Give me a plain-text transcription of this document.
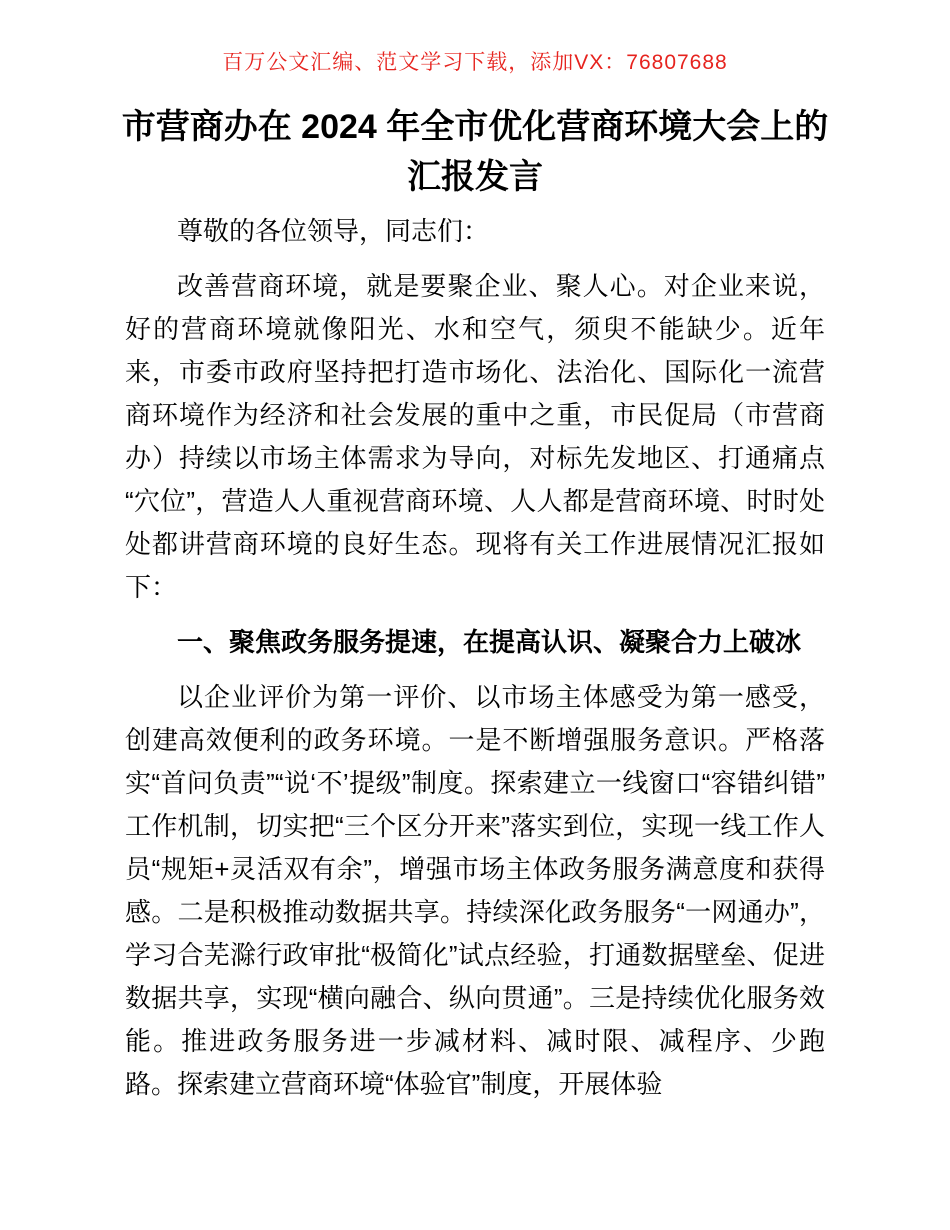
百万公文汇编、范文学习下载，添加VX：76807688
市营商办在 2024 年全市优化营商环境大会上的
汇报发言

尊敬的各位领导，同志们：

改善营商环境，就是要聚企业、聚人心。对企业来说，好的营商环境就像阳光、水和空气，须臾不能缺少。近年来，市委市政府坚持把打造市场化、法治化、国际化一流营商环境作为经济和社会发展的重中之重，市民促局（市营商办）持续以市场主体需求为导向，对标先发地区、打通痛点“穴位”，营造人人重视营商环境、人人都是营商环境、时时处处都讲营商环境的良好生态。现将有关工作进展情况汇报如下：

一、聚焦政务服务提速，在提高认识、凝聚合力上破冰

以企业评价为第一评价、以市场主体感受为第一感受，创建高效便利的政务环境。一是不断增强服务意识。严格落实“首问负责”“说‘不’提级”制度。探索建立一线窗口“容错纠错”工作机制，切实把“三个区分开来”落实到位，实现一线工作人员“规矩+灵活双有余”，增强市场主体政务服务满意度和获得感。二是积极推动数据共享。持续深化政务服务“一网通办”，学习合芜滁行政审批“极简化”试点经验，打通数据壁垒、促进数据共享，实现“横向融合、纵向贯通”。三是持续优化服务效能。推进政务服务进一步减材料、减时限、减程序、少跑路。探索建立营商环境“体验官”制度，开展体验
